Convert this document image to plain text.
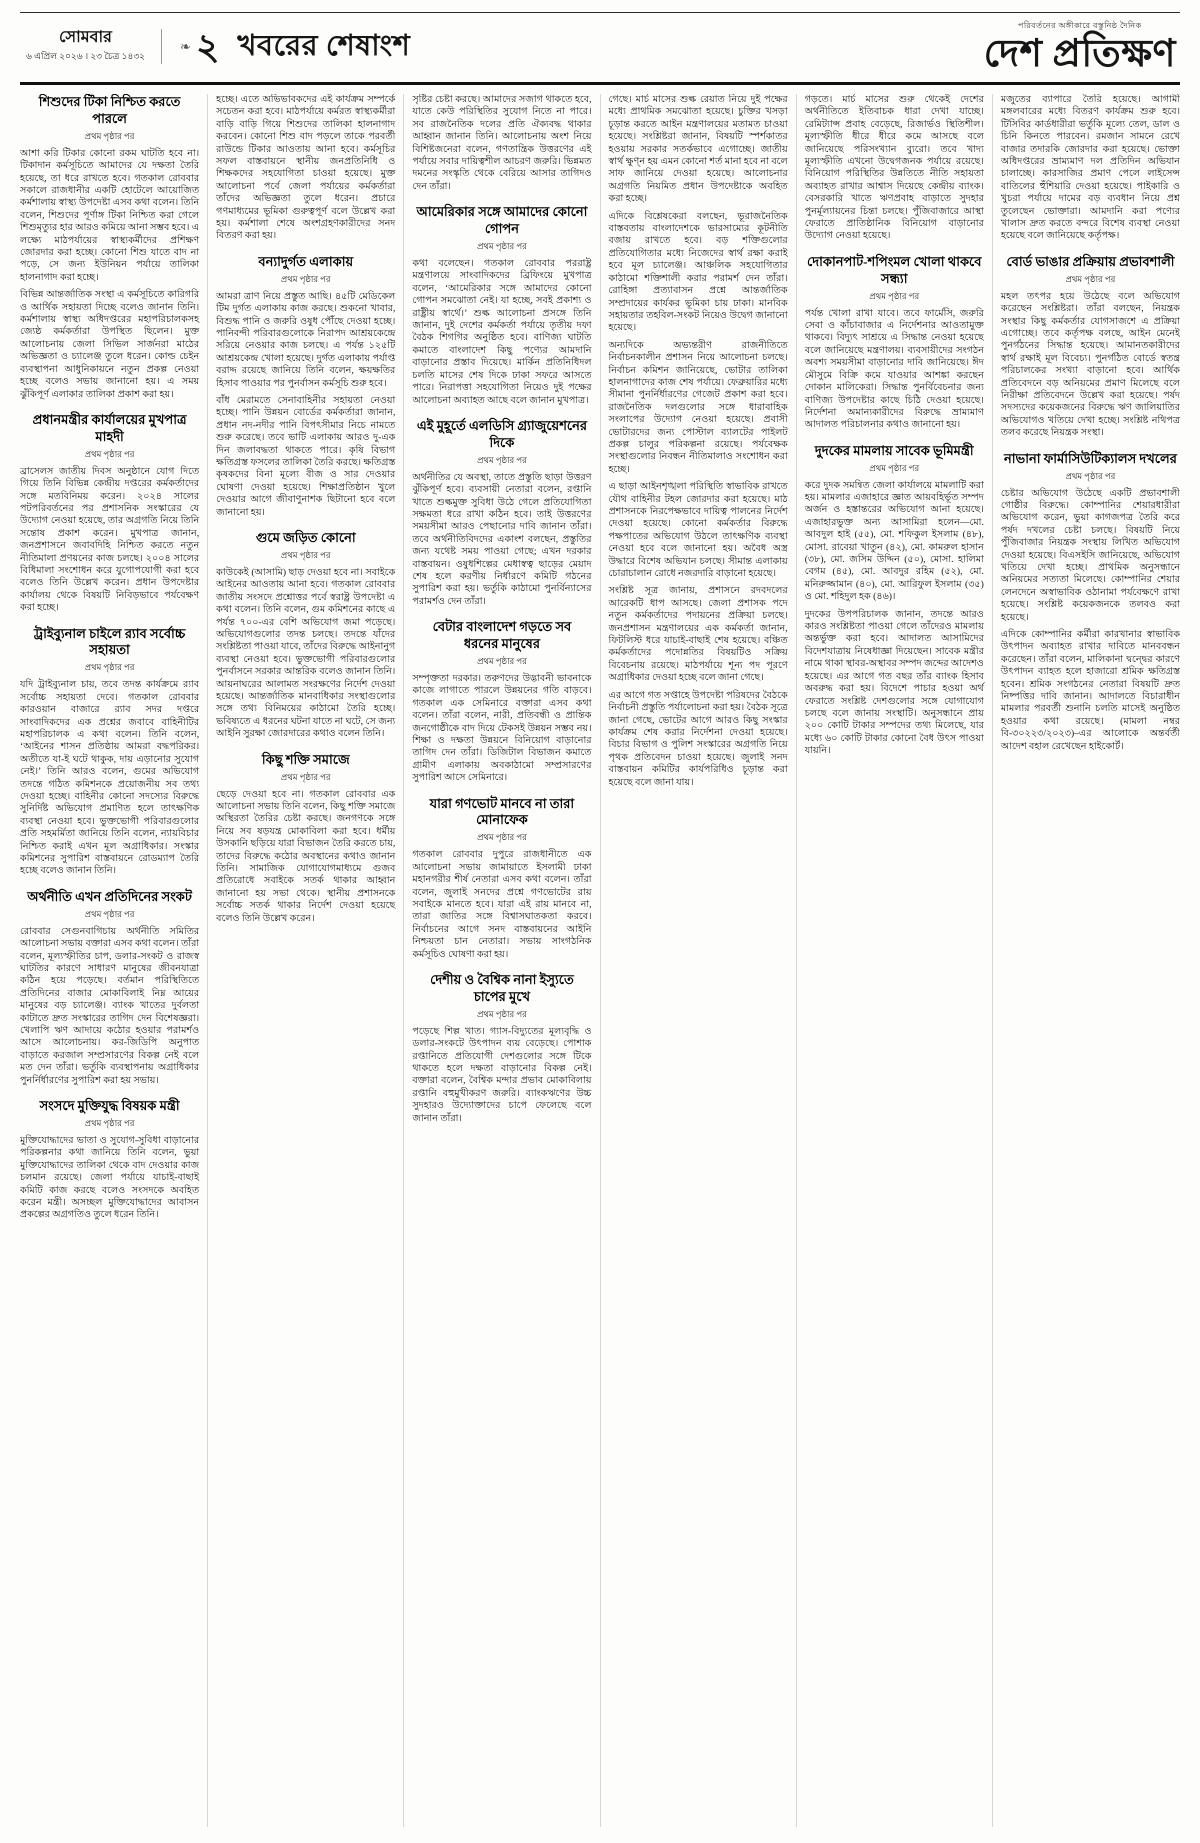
সোমবার
৬ এপ্রিল ২০২৬ । ২৩ চৈত্র ১৪৩২
❧ ২ খবরের শেষাংশ
পরিবর্তনের অঙ্গীকারে বস্তুনিষ্ঠ দৈনিক
দেশ প্রতিক্ষণ
শিশুদের টিকা নিশ্চিত করতে পারলে
প্রথম পৃষ্ঠার পর

আশা করি টিকার কোনো রকম ঘাটতি হবে না। টিকাদান কর্মসূচিতে আমাদের যে দক্ষতা তৈরি হয়েছে, তা ধরে রাখতে হবে। গতকাল রোববার সকালে রাজধানীর একটি হোটেলে আয়োজিত কর্মশালায় স্বাস্থ্য উপদেষ্টা এসব কথা বলেন। তিনি বলেন, শিশুদের পূর্ণাঙ্গ টিকা নিশ্চিত করা গেলে শিশুমৃত্যুর হার আরও কমিয়ে আনা সম্ভব হবে। এ লক্ষ্যে মাঠপর্যায়ের স্বাস্থ্যকর্মীদের প্রশিক্ষণ জোরদার করা হচ্ছে। কোনো শিশু যাতে বাদ না পড়ে, সে জন্য ইউনিয়ন পর্যায়ে তালিকা হালনাগাদ করা হচ্ছে।

বিভিন্ন আন্তর্জাতিক সংস্থা এ কর্মসূচিতে কারিগরি ও আর্থিক সহায়তা দিচ্ছে বলেও জানান তিনি। কর্মশালায় স্বাস্থ্য অধিদপ্তরের মহাপরিচালকসহ জ্যেষ্ঠ কর্মকর্তারা উপস্থিত ছিলেন। মুক্ত আলোচনায় জেলা সিভিল সার্জনরা মাঠের অভিজ্ঞতা ও চ্যালেঞ্জ তুলে ধরেন। কোল্ড চেইন ব্যবস্থাপনা আধুনিকায়নে নতুন প্রকল্প নেওয়া হচ্ছে বলেও সভায় জানানো হয়। এ সময় ঝুঁকিপূর্ণ এলাকার তালিকা প্রকাশ করা হয়।

প্রধানমন্ত্রীর কার্যালয়ের মুখপাত্র মাহদী
প্রথম পৃষ্ঠার পর

ব্রাসেলস জাতীয় দিবস অনুষ্ঠানে যোগ দিতে গিয়ে তিনি বিভিন্ন কেন্দ্রীয় দপ্তরের কর্মকর্তাদের সঙ্গে মতবিনিময় করেন। ২০২৪ সালের পটপরিবর্তনের পর প্রশাসনিক সংস্কারের যে উদ্যোগ নেওয়া হয়েছে, তার অগ্রগতি নিয়ে তিনি সন্তোষ প্রকাশ করেন। মুখপাত্র জানান, জনপ্রশাসনে জবাবদিহি নিশ্চিত করতে নতুন নীতিমালা প্রণয়নের কাজ চলছে। ২০০৪ সালের বিধিমালা সংশোধন করে যুগোপযোগী করা হবে বলেও তিনি উল্লেখ করেন। প্রধান উপদেষ্টার কার্যালয় থেকে বিষয়টি নিবিড়ভাবে পর্যবেক্ষণ করা হচ্ছে।

ট্রাইব্যুনাল চাইলে র‌্যাব সর্বোচ্চ সহায়তা
প্রথম পৃষ্ঠার পর

যদি ট্রাইব্যুনাল চায়, তবে তদন্ত কার্যক্রমে র‌্যাব সর্বোচ্চ সহায়তা দেবে। গতকাল রোববার কারওয়ান বাজারে র‌্যাব সদর দপ্তরে সাংবাদিকদের এক প্রশ্নের জবাবে বাহিনীটির মহাপরিচালক এ কথা বলেন। তিনি বলেন, ‘আইনের শাসন প্রতিষ্ঠায় আমরা বদ্ধপরিকর। অতীতে যা-ই ঘটে থাকুক, দায় এড়ানোর সুযোগ নেই।’ তিনি আরও বলেন, গুমের অভিযোগ তদন্তে গঠিত কমিশনকে প্রয়োজনীয় সব তথ্য দেওয়া হচ্ছে। বাহিনীর কোনো সদস্যের বিরুদ্ধে সুনির্দিষ্ট অভিযোগ প্রমাণিত হলে তাৎক্ষণিক ব্যবস্থা নেওয়া হবে। ভুক্তভোগী পরিবারগুলোর প্রতি সহমর্মিতা জানিয়ে তিনি বলেন, ন্যায়বিচার নিশ্চিত করাই এখন মূল অগ্রাধিকার। সংস্কার কমিশনের সুপারিশ বাস্তবায়নে রোডম্যাপ তৈরি হচ্ছে বলেও জানান তিনি।

অর্থনীতি এখন প্রতিদিনের সংকট
প্রথম পৃষ্ঠার পর

রোববার সেগুনবাগিচায় অর্থনীতি সমিতির আলোচনা সভায় বক্তারা এসব কথা বলেন। তাঁরা বলেন, মূল্যস্ফীতির চাপ, ডলার-সংকট ও রাজস্ব ঘাটতির কারণে সাধারণ মানুষের জীবনযাত্রা কঠিন হয়ে পড়েছে। বর্তমান পরিস্থিতিতে প্রতিদিনের বাজার মোকাবিলাই নিম্ন আয়ের মানুষের বড় চ্যালেঞ্জ। ব্যাংক খাতের দুর্বলতা কাটাতে দ্রুত সংস্কারের তাগিদ দেন বিশেষজ্ঞরা। খেলাপি ঋণ আদায়ে কঠোর হওয়ার পরামর্শও আসে আলোচনায়। কর-জিডিপি অনুপাত বাড়াতে করজাল সম্প্রসারণের বিকল্প নেই বলে মত দেন তাঁরা। ভর্তুকি ব্যবস্থাপনায় অগ্রাধিকার পুনর্নির্ধারণের সুপারিশ করা হয় সভায়।

সংসদে মুক্তিযুদ্ধ বিষয়ক মন্ত্রী
প্রথম পৃষ্ঠার পর

মুক্তিযোদ্ধাদের ভাতা ও সুযোগ-সুবিধা বাড়ানোর পরিকল্পনার কথা জানিয়ে তিনি বলেন, ভুয়া মুক্তিযোদ্ধাদের তালিকা থেকে বাদ দেওয়ার কাজ চলমান রয়েছে। জেলা পর্যায়ে যাচাই-বাছাই কমিটি কাজ করছে বলেও সংসদকে অবহিত করেন মন্ত্রী। অসচ্ছল মুক্তিযোদ্ধাদের আবাসন প্রকল্পের অগ্রগতিও তুলে ধরেন তিনি।

হচ্ছে। এতে অভিভাবকদের এই কার্যক্রম সম্পর্কে সচেতন করা হবে। মাঠপর্যায়ে কর্মরত স্বাস্থ্যকর্মীরা বাড়ি বাড়ি গিয়ে শিশুদের তালিকা হালনাগাদ করবেন। কোনো শিশু বাদ পড়লে তাকে পরবর্তী রাউন্ডে টিকার আওতায় আনা হবে। কর্মসূচির সফল বাস্তবায়নে স্থানীয় জনপ্রতিনিধি ও শিক্ষকদের সহযোগিতা চাওয়া হয়েছে। মুক্ত আলোচনা পর্বে জেলা পর্যায়ের কর্মকর্তারা তাঁদের অভিজ্ঞতা তুলে ধরেন। প্রচারে গণমাধ্যমের ভূমিকা গুরুত্বপূর্ণ বলে উল্লেখ করা হয়। কর্মশালা শেষে অংশগ্রহণকারীদের সনদ বিতরণ করা হয়।

বন্যাদুর্গত এলাকায়
প্রথম পৃষ্ঠার পর

আমরা ত্রাণ নিয়ে প্রস্তুত আছি। ৪৫টি মেডিকেল টিম দুর্গত এলাকায় কাজ করছে। শুকনো খাবার, বিশুদ্ধ পানি ও জরুরি ওষুধ পৌঁছে দেওয়া হচ্ছে। পানিবন্দী পরিবারগুলোকে নিরাপদ আশ্রয়কেন্দ্রে সরিয়ে নেওয়ার কাজ চলছে। এ পর্যন্ত ১২৫টি আশ্রয়কেন্দ্র খোলা হয়েছে। দুর্গত এলাকায় পর্যাপ্ত বরাদ্দ রয়েছে জানিয়ে তিনি বলেন, ক্ষয়ক্ষতির হিসাব পাওয়ার পর পুনর্বাসন কর্মসূচি শুরু হবে।

বাঁধ মেরামতে সেনাবাহিনীর সহায়তা নেওয়া হচ্ছে। পানি উন্নয়ন বোর্ডের কর্মকর্তারা জানান, প্রধান নদ-নদীর পানি বিপৎসীমার নিচে নামতে শুরু করেছে। তবে ভাটি এলাকায় আরও দু-এক দিন জলাবদ্ধতা থাকতে পারে। কৃষি বিভাগ ক্ষতিগ্রস্ত ফসলের তালিকা তৈরি করছে। ক্ষতিগ্রস্ত কৃষকদের বিনা মূল্যে বীজ ও সার দেওয়ার ঘোষণা দেওয়া হয়েছে। শিক্ষাপ্রতিষ্ঠান খুলে দেওয়ার আগে জীবাণুনাশক ছিটানো হবে বলে জানানো হয়।

গুমে জড়িত কোনো
প্রথম পৃষ্ঠার পর

কাউকেই (আসামি) ছাড় দেওয়া হবে না। সবাইকে আইনের আওতায় আনা হবে। গতকাল রোববার জাতীয় সংসদে প্রশ্নোত্তর পর্বে স্বরাষ্ট্র উপদেষ্টা এ কথা বলেন। তিনি বলেন, গুম কমিশনের কাছে এ পর্যন্ত ৭০০-এর বেশি অভিযোগ জমা পড়েছে। অভিযোগগুলোর তদন্ত চলছে। তদন্তে যাঁদের সংশ্লিষ্টতা পাওয়া যাবে, তাঁদের বিরুদ্ধে আইনানুগ ব্যবস্থা নেওয়া হবে। ভুক্তভোগী পরিবারগুলোর পুনর্বাসনে সরকার আন্তরিক বলেও জানান তিনি। আয়নাঘরের আলামত সংরক্ষণের নির্দেশ দেওয়া হয়েছে। আন্তর্জাতিক মানবাধিকার সংস্থাগুলোর সঙ্গে তথ্য বিনিময়ের কাঠামো তৈরি হচ্ছে। ভবিষ্যতে এ ধরনের ঘটনা যাতে না ঘটে, সে জন্য আইনি সুরক্ষা জোরদারের কথাও বলেন তিনি।

কিছু শক্তি সমাজে
প্রথম পৃষ্ঠার পর

ছেড়ে দেওয়া হবে না। গতকাল রোববার এক আলোচনা সভায় তিনি বলেন, কিছু শক্তি সমাজে অস্থিরতা তৈরির চেষ্টা করছে। জনগণকে সঙ্গে নিয়ে সব ষড়যন্ত্র মোকাবিলা করা হবে। ধর্মীয় উসকানি ছড়িয়ে যারা বিভাজন তৈরি করতে চায়, তাদের বিরুদ্ধে কঠোর অবস্থানের কথাও জানান তিনি। সামাজিক যোগাযোগমাধ্যমে গুজব প্রতিরোধে সবাইকে সতর্ক থাকার আহ্বান জানানো হয় সভা থেকে। স্থানীয় প্রশাসনকে সর্বোচ্চ সতর্ক থাকার নির্দেশ দেওয়া হয়েছে বলেও তিনি উল্লেখ করেন।

সৃষ্টির চেষ্টা করছে। আমাদের সজাগ থাকতে হবে, যাতে কেউ পরিস্থিতির সুযোগ নিতে না পারে। সব রাজনৈতিক দলের প্রতি ঐক্যবদ্ধ থাকার আহ্বান জানান তিনি। আলোচনায় অংশ নিয়ে বিশিষ্টজনেরা বলেন, গণতান্ত্রিক উত্তরণের এই পর্যায়ে সবার দায়িত্বশীল আচরণ জরুরি। ভিন্নমত দমনের সংস্কৃতি থেকে বেরিয়ে আসার তাগিদও দেন তাঁরা।

আমেরিকার সঙ্গে আমাদের কোনো গোপন
প্রথম পৃষ্ঠার পর

কথা বলেছেন। গতকাল রোববার পররাষ্ট্র মন্ত্রণালয়ে সাংবাদিকদের ব্রিফিংয়ে মুখপাত্র বলেন, ‘আমেরিকার সঙ্গে আমাদের কোনো গোপন সমঝোতা নেই। যা হচ্ছে, সবই প্রকাশ্য ও রাষ্ট্রীয় স্বার্থে।’ শুল্ক আলোচনা প্রসঙ্গে তিনি জানান, দুই দেশের কর্মকর্তা পর্যায়ে তৃতীয় দফা বৈঠক শিগগির অনুষ্ঠিত হবে। বাণিজ্য ঘাটতি কমাতে বাংলাদেশ কিছু পণ্যের আমদানি বাড়ানোর প্রস্তাব দিয়েছে। মার্কিন প্রতিনিধিদল চলতি মাসের শেষ দিকে ঢাকা সফরে আসতে পারে। নিরাপত্তা সহযোগিতা নিয়েও দুই পক্ষের আলোচনা অব্যাহত আছে বলে জানান মুখপাত্র।

এই মুহূর্তে এলডিসি গ্র্যাজুয়েশনের দিকে
প্রথম পৃষ্ঠার পর

অর্থনীতির যে অবস্থা, তাতে প্রস্তুতি ছাড়া উত্তরণ ঝুঁকিপূর্ণ হবে। ব্যবসায়ী নেতারা বলেন, রপ্তানি খাতে শুল্কমুক্ত সুবিধা উঠে গেলে প্রতিযোগিতা সক্ষমতা ধরে রাখা কঠিন হবে। তাই উত্তরণের সময়সীমা আরও পেছানোর দাবি জানান তাঁরা। তবে অর্থনীতিবিদদের একাংশ বলছেন, প্রস্তুতির জন্য যথেষ্ট সময় পাওয়া গেছে; এখন দরকার বাস্তবায়ন। ওষুধশিল্পের মেধাস্বত্ব ছাড়ের মেয়াদ শেষ হলে করণীয় নির্ধারণে কমিটি গঠনের সুপারিশ করা হয়। ভর্তুকি কাঠামো পুনর্বিন্যাসের পরামর্শও দেন তাঁরা।

বেটার বাংলাদেশ গড়তে সব ধরনের মানুষের
প্রথম পৃষ্ঠার পর

সম্পৃক্ততা দরকার। তরুণদের উদ্ভাবনী ভাবনাকে কাজে লাগাতে পারলে উন্নয়নের গতি বাড়বে। গতকাল এক সেমিনারে বক্তারা এসব কথা বলেন। তাঁরা বলেন, নারী, প্রতিবন্ধী ও প্রান্তিক জনগোষ্ঠীকে বাদ দিয়ে টেকসই উন্নয়ন সম্ভব নয়। শিক্ষা ও দক্ষতা উন্নয়নে বিনিয়োগ বাড়ানোর তাগিদ দেন তাঁরা। ডিজিটাল বিভাজন কমাতে গ্রামীণ এলাকায় অবকাঠামো সম্প্রসারণের সুপারিশ আসে সেমিনারে।

যারা গণভোট মানবে না তারা মোনাফেক
প্রথম পৃষ্ঠার পর

গতকাল রোববার দুপুরে রাজধানীতে এক আলোচনা সভায় জামায়াতে ইসলামী ঢাকা মহানগরীর শীর্ষ নেতারা এসব কথা বলেন। তাঁরা বলেন, জুলাই সনদের প্রশ্নে গণভোটের রায় সবাইকে মানতে হবে। যারা এই রায় মানবে না, তারা জাতির সঙ্গে বিশ্বাসঘাতকতা করবে। নির্বাচনের আগে সনদ বাস্তবায়নের আইনি নিশ্চয়তা চান নেতারা। সভায় সাংগঠনিক কর্মসূচিও ঘোষণা করা হয়।

দেশীয় ও বৈশ্বিক নানা ইস্যুতে চাপের মুখে
প্রথম পৃষ্ঠার পর

পড়েছে শিল্প খাত। গ্যাস-বিদ্যুতের মূল্যবৃদ্ধি ও ডলার-সংকটে উৎপাদন ব্যয় বেড়েছে। পোশাক রপ্তানিতে প্রতিযোগী দেশগুলোর সঙ্গে টিকে থাকতে হলে দক্ষতা বাড়ানোর বিকল্প নেই। বক্তারা বলেন, বৈশ্বিক মন্দার প্রভাব মোকাবিলায় রপ্তানি বহুমুখীকরণ জরুরি। ব্যাংকঋণের উচ্চ সুদহারও উদ্যোক্তাদের চাপে ফেলেছে বলে জানান তাঁরা।

গেছে। মার্চ মাসের শুল্ক রেয়াত নিয়ে দুই পক্ষের মধ্যে প্রাথমিক সমঝোতা হয়েছে। চুক্তির খসড়া চূড়ান্ত করতে আইন মন্ত্রণালয়ের মতামত চাওয়া হয়েছে। সংশ্লিষ্টরা জানান, বিষয়টি স্পর্শকাতর হওয়ায় সরকার সতর্কভাবে এগোচ্ছে। জাতীয় স্বার্থ ক্ষুণ্ন হয় এমন কোনো শর্ত মানা হবে না বলে সাফ জানিয়ে দেওয়া হয়েছে। আলোচনার অগ্রগতি নিয়মিত প্রধান উপদেষ্টাকে অবহিত করা হচ্ছে।

এদিকে বিশ্লেষকেরা বলছেন, ভূরাজনৈতিক বাস্তবতায় বাংলাদেশকে ভারসাম্যের কূটনীতি বজায় রাখতে হবে। বড় শক্তিগুলোর প্রতিযোগিতার মধ্যে নিজেদের স্বার্থ রক্ষা করাই হবে মূল চ্যালেঞ্জ। আঞ্চলিক সহযোগিতার কাঠামো শক্তিশালী করার পরামর্শ দেন তাঁরা। রোহিঙ্গা প্রত্যাবাসন প্রশ্নে আন্তর্জাতিক সম্প্রদায়ের কার্যকর ভূমিকা চায় ঢাকা। মানবিক সহায়তার তহবিল-সংকট নিয়েও উদ্বেগ জানানো হয়েছে।

অন্যদিকে অভ্যন্তরীণ রাজনীতিতে নির্বাচনকালীন প্রশাসন নিয়ে আলোচনা চলছে। নির্বাচন কমিশন জানিয়েছে, ভোটার তালিকা হালনাগাদের কাজ শেষ পর্যায়ে। ফেব্রুয়ারির মধ্যে সীমানা পুনর্নির্ধারণের গেজেট প্রকাশ করা হবে। রাজনৈতিক দলগুলোর সঙ্গে ধারাবাহিক সংলাপের উদ্যোগ নেওয়া হয়েছে। প্রবাসী ভোটারদের জন্য পোস্টাল ব্যালটের পাইলট প্রকল্প চালুর পরিকল্পনা রয়েছে। পর্যবেক্ষক সংস্থাগুলোর নিবন্ধন নীতিমালাও সংশোধন করা হচ্ছে।

এ ছাড়া আইনশৃঙ্খলা পরিস্থিতি স্বাভাবিক রাখতে যৌথ বাহিনীর টহল জোরদার করা হয়েছে। মাঠ প্রশাসনকে নিরপেক্ষভাবে দায়িত্ব পালনের নির্দেশ দেওয়া হয়েছে। কোনো কর্মকর্তার বিরুদ্ধে পক্ষপাতের অভিযোগ উঠলে তাৎক্ষণিক ব্যবস্থা নেওয়া হবে বলে জানানো হয়। অবৈধ অস্ত্র উদ্ধারে বিশেষ অভিযান চলছে। সীমান্ত এলাকায় চোরাচালান রোধে নজরদারি বাড়ানো হয়েছে।

সংশ্লিষ্ট সূত্র জানায়, প্রশাসনে রদবদলের আরেকটি ধাপ আসছে। জেলা প্রশাসক পদে নতুন কর্মকর্তাদের পদায়নের প্রক্রিয়া চলছে। জনপ্রশাসন মন্ত্রণালয়ের এক কর্মকর্তা জানান, ফিটলিস্ট ধরে যাচাই-বাছাই শেষ হয়েছে। বঞ্চিত কর্মকর্তাদের পদোন্নতির বিষয়টিও সক্রিয় বিবেচনায় রয়েছে। মাঠপর্যায়ে শূন্য পদ পূরণে অগ্রাধিকার দেওয়া হচ্ছে বলে জানা গেছে।

এর আগে গত সপ্তাহে উপদেষ্টা পরিষদের বৈঠকে নির্বাচনী প্রস্তুতি পর্যালোচনা করা হয়। বৈঠক সূত্রে জানা গেছে, ভোটের আগে আরও কিছু সংস্কার কার্যক্রম শেষ করার নির্দেশনা দেওয়া হয়েছে। বিচার বিভাগ ও পুলিশ সংস্কারের অগ্রগতি নিয়ে পৃথক প্রতিবেদন চাওয়া হয়েছে। জুলাই সনদ বাস্তবায়ন কমিটির কার্যপরিধিও চূড়ান্ত করা হয়েছে বলে জানা যায়।

গড়তে। মার্চ মাসের শুরু থেকেই দেশের অর্থনীতিতে ইতিবাচক ধারা দেখা যাচ্ছে। রেমিট্যান্স প্রবাহ বেড়েছে, রিজার্ভও স্থিতিশীল। মূল্যস্ফীতি ধীরে ধীরে কমে আসছে বলে জানিয়েছে পরিসংখ্যান ব্যুরো। তবে খাদ্য মূল্যস্ফীতি এখনো উদ্বেগজনক পর্যায়ে রয়েছে। বিনিয়োগ পরিস্থিতির উন্নতিতে নীতি সহায়তা অব্যাহত রাখার আশ্বাস দিয়েছে কেন্দ্রীয় ব্যাংক। বেসরকারি খাতে ঋণপ্রবাহ বাড়াতে সুদহার পুনর্মূল্যায়নের চিন্তা চলছে। পুঁজিবাজারে আস্থা ফেরাতে প্রাতিষ্ঠানিক বিনিয়োগ বাড়ানোর উদ্যোগ নেওয়া হয়েছে।

দোকানপাট-শপিংমল খোলা থাকবে সন্ধ্যা
প্রথম পৃষ্ঠার পর

পর্যন্ত খোলা রাখা যাবে। তবে ফার্মেসি, জরুরি সেবা ও কাঁচাবাজার এ নির্দেশনার আওতামুক্ত থাকবে। বিদ্যুৎ সাশ্রয়ে এ সিদ্ধান্ত নেওয়া হয়েছে বলে জানিয়েছে মন্ত্রণালয়। ব্যবসায়ীদের সংগঠন অবশ্য সময়সীমা বাড়ানোর দাবি জানিয়েছে। ঈদ মৌসুমে বিক্রি কমে যাওয়ার আশঙ্কা করছেন দোকান মালিকেরা। সিদ্ধান্ত পুনর্বিবেচনার জন্য বাণিজ্য উপদেষ্টার কাছে চিঠি দেওয়া হয়েছে। নির্দেশনা অমান্যকারীদের বিরুদ্ধে ভ্রাম্যমাণ আদালত পরিচালনার কথাও জানানো হয়।

দুদকের মামলায় সাবেক ভূমিমন্ত্রী
প্রথম পৃষ্ঠার পর

করে দুদক সমন্বিত জেলা কার্যালয়ে মামলাটি করা হয়। মামলার এজাহারে জ্ঞাত আয়বহির্ভূত সম্পদ অর্জন ও হস্তান্তরের অভিযোগ আনা হয়েছে। এজাহারভুক্ত অন্য আসামিরা হলেন—মো. আবদুল হাই (৫৫), মো. শফিকুল ইসলাম (৪৮), মোসা. রাবেয়া খাতুন (৪২), মো. কামরুল হাসান (৩৮), মো. জসিম উদ্দিন (৫০), মোসা. হালিমা বেগম (৪৫), মো. আবদুর রহিম (৫২), মো. মনিরুজ্জামান (৪০), মো. আরিফুল ইসলাম (৩৫) ও মো. শহিদুল হক (৪৬)।

দুদকের উপপরিচালক জানান, তদন্তে আরও কারও সংশ্লিষ্টতা পাওয়া গেলে তাঁদেরও মামলায় অন্তর্ভুক্ত করা হবে। আদালত আসামিদের বিদেশযাত্রায় নিষেধাজ্ঞা দিয়েছেন। সাবেক মন্ত্রীর নামে থাকা স্থাবর-অস্থাবর সম্পদ জব্দের আদেশও হয়েছে। এর আগে গত বছর তাঁর ব্যাংক হিসাব অবরুদ্ধ করা হয়। বিদেশে পাচার হওয়া অর্থ ফেরাতে সংশ্লিষ্ট দেশগুলোর সঙ্গে যোগাযোগ চলছে বলে জানায় সংস্থাটি। অনুসন্ধানে প্রায় ২০০ কোটি টাকার সম্পদের তথ্য মিলেছে, যার মধ্যে ৬০ কোটি টাকার কোনো বৈধ উৎস পাওয়া যায়নি।

মজুতের ব্যাপারে তৈরি হয়েছে। আগামী মঙ্গলবারের মধ্যে বিতরণ কার্যক্রম শুরু হবে। টিসিবির কার্ডধারীরা ভর্তুকি মূল্যে তেল, ডাল ও চিনি কিনতে পারবেন। রমজান সামনে রেখে বাজার তদারকি জোরদার করা হয়েছে। ভোক্তা অধিদপ্তরের ভ্রাম্যমাণ দল প্রতিদিন অভিযান চালাচ্ছে। কারসাজির প্রমাণ পেলে লাইসেন্স বাতিলের হুঁশিয়ারি দেওয়া হয়েছে। পাইকারি ও খুচরা পর্যায়ে দামের বড় ব্যবধান নিয়ে প্রশ্ন তুলেছেন ভোক্তারা। আমদানি করা পণ্যের খালাস দ্রুত করতে বন্দরে বিশেষ ব্যবস্থা নেওয়া হয়েছে বলে জানিয়েছে কর্তৃপক্ষ।

বোর্ড ভাঙার প্রক্রিয়ায় প্রভাবশালী
প্রথম পৃষ্ঠার পর

মহল তৎপর হয়ে উঠেছে বলে অভিযোগ করেছেন সংশ্লিষ্টরা। তাঁরা বলছেন, নিয়ন্ত্রক সংস্থার কিছু কর্মকর্তার যোগসাজশে এ প্রক্রিয়া এগোচ্ছে। তবে কর্তৃপক্ষ বলছে, আইন মেনেই পুনর্গঠনের সিদ্ধান্ত হয়েছে। আমানতকারীদের স্বার্থ রক্ষাই মূল বিবেচ্য। পুনর্গঠিত বোর্ডে স্বতন্ত্র পরিচালকের সংখ্যা বাড়ানো হবে। আর্থিক প্রতিবেদনে বড় অনিয়মের প্রমাণ মিলেছে বলে নিরীক্ষা প্রতিবেদনে উল্লেখ করা হয়েছে। পর্ষদ সদস্যদের কয়েকজনের বিরুদ্ধে ঋণ জালিয়াতির অভিযোগও খতিয়ে দেখা হচ্ছে। সংশ্লিষ্ট নথিপত্র তলব করেছে নিয়ন্ত্রক সংস্থা।

নাভানা ফার্মাসিউটিক্যালস দখলের
প্রথম পৃষ্ঠার পর

চেষ্টার অভিযোগ উঠেছে একটি প্রভাবশালী গোষ্ঠীর বিরুদ্ধে। কোম্পানির শেয়ারধারীরা অভিযোগ করেন, ভুয়া কাগজপত্র তৈরি করে পর্ষদ দখলের চেষ্টা চলছে। বিষয়টি নিয়ে পুঁজিবাজার নিয়ন্ত্রক সংস্থায় লিখিত অভিযোগ দেওয়া হয়েছে। বিএসইসি জানিয়েছে, অভিযোগ খতিয়ে দেখা হচ্ছে। প্রাথমিক অনুসন্ধানে অনিয়মের সত্যতা মিলেছে। কোম্পানির শেয়ার লেনদেনে অস্বাভাবিক ওঠানামা পর্যবেক্ষণে রাখা হয়েছে। সংশ্লিষ্ট কয়েকজনকে তলবও করা হয়েছে।

এদিকে কোম্পানির কর্মীরা কারখানার স্বাভাবিক উৎপাদন অব্যাহত রাখার দাবিতে মানববন্ধন করেছেন। তাঁরা বলেন, মালিকানা দ্বন্দ্বের কারণে উৎপাদন ব্যাহত হলে হাজারো শ্রমিক ক্ষতিগ্রস্ত হবেন। শ্রমিক সংগঠনের নেতারা বিষয়টি দ্রুত নিষ্পত্তির দাবি জানান। আদালতে বিচারাধীন মামলার পরবর্তী শুনানি চলতি মাসেই অনুষ্ঠিত হওয়ার কথা রয়েছে। (মামলা নম্বর বি-৩০২২৩/২০২৩)–এর আলোকে অন্তর্বর্তী আদেশ বহাল রেখেছেন হাইকোর্ট।
